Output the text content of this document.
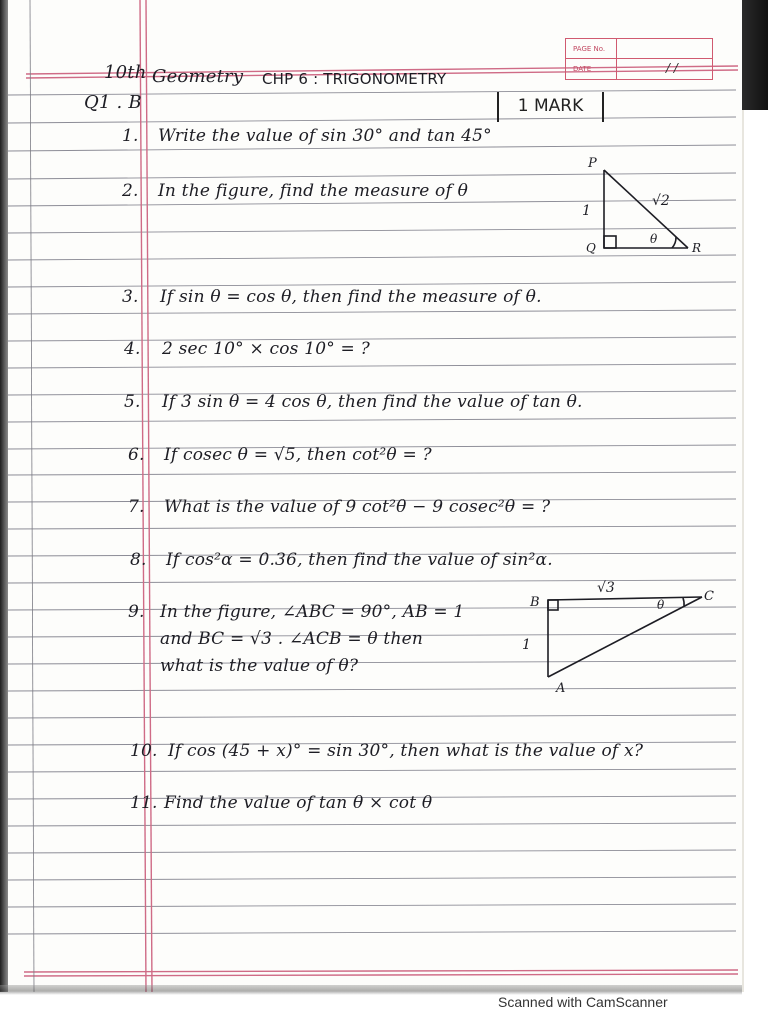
PAGE No.
DATE	/ /
10th Geometry CHP 6 : TRIGONOMETRY
Q1 . B	1 MARK
1. Write the value of sin 30° and tan 45°
2. In the figure, find the measure of θ
3. If sin θ = cos θ, then find the measure of θ.
4. 2 sec 10° × cos 10° = ?
5. If 3 sin θ = 4 cos θ, then find the value of tan θ.
6. If cosec θ = √5, then cot²θ = ?
7. What is the value of 9 cot²θ − 9 cosec²θ = ?
8. If cos²α = 0.36, then find the value of sin²α.
9. In the figure, ∠ABC = 90°, AB = 1
and BC = √3 . ∠ACB = θ then
what is the value of θ?
10. If cos (45 + x)° = sin 30°, then what is the value of x?
11. Find the value of tan θ × cot θ
P
Q	R
1
√2
θ
B
A
C
√3
1
θ
Scanned with CamScanner
